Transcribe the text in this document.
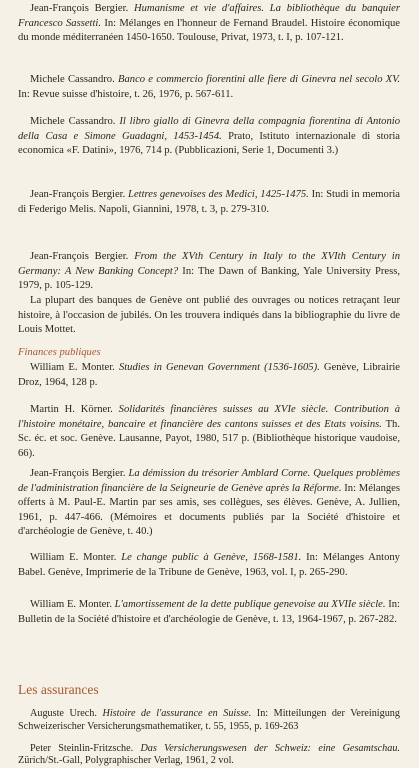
Jean-François Bergier. Humanisme et vie d'affaires. La bibliothèque du banquier Francesco Sassetti. In: Mélanges en l'honneur de Fernand Braudel. Histoire économique du monde méditerranéen 1450-1650. Toulouse, Privat, 1973, t. I, p. 107-121.

Michele Cassandro. Banco e commercio fiorentini alle fiere di Ginevra nel secolo XV. In: Revue suisse d'histoire, t. 26, 1976, p. 567-611.

Michele Cassandro. Il libro giallo di Ginevra della compagnia fiorentina di Antonio della Casa e Simone Guadagni, 1453-1454. Prato, Istituto internazionale di storia economica «F. Datini», 1976, 714 p. (Pubblicazioni, Serie 1, Documenti 3.)

Jean-François Bergier. Lettres genevoises des Medici, 1425-1475. In: Studi in memoria di Federigo Melis. Napoli, Giannini, 1978, t. 3, p. 279-310.

Jean-François Bergier. From the XVth Century in Italy to the XVIth Century in Germany: A New Banking Concept? In: The Dawn of Banking, Yale University Press, 1979, p. 105-129.

La plupart des banques de Genève ont publié des ouvrages ou notices retraçant leur histoire, à l'occasion de jubilés. On les trouvera indiqués dans la bibliographie du livre de Louis Mottet.

Finances publiques

William E. Monter. Studies in Genevan Government (1536-1605). Genève, Librairie Droz, 1964, 128 p.

Martin H. Körner. Solidarités financières suisses au XVIe siècle. Contribution à l'histoire monétaire, bancaire et financière des cantons suisses et des Etats voisins. Th. Sc. éc. et soc. Genève. Lausanne, Payot, 1980, 517 p. (Bibliothèque historique vaudoise, 66).

Jean-François Bergier. La démission du trésorier Amblard Corne. Quelques problèmes de l'administration financière de la Seigneurie de Genève après la Réforme. In: Mélanges offerts à M. Paul-E. Martin par ses amis, ses collègues, ses élèves. Genève, A. Jullien, 1961, p. 447-466. (Mémoires et documents publiés par la Société d'histoire et d'archéologie de Genève, t. 40.)

William E. Monter. Le change public à Genève, 1568-1581. In: Mélanges Antony Babel. Genève, Imprimerie de la Tribune de Genève, 1963, vol. I, p. 265-290.

William E. Monter. L'amortissement de la dette publique genevoise au XVIIe siècle. In: Bulletin de la Société d'histoire et d'archéologie de Genève, t. 13, 1964-1967, p. 267-282.

Les assurances

Auguste Urech. Histoire de l'assurance en Suisse. In: Mitteilungen der Vereinigung Schweizerischer Versicherungsmathematiker, t. 55, 1955, p. 169-263

Peter Steinlin-Fritzsche. Das Versicherungswesen der Schweiz: eine Gesamtschau. Zürich/St.-Gall, Polygraphischer Verlag, 1961, 2 vol.
